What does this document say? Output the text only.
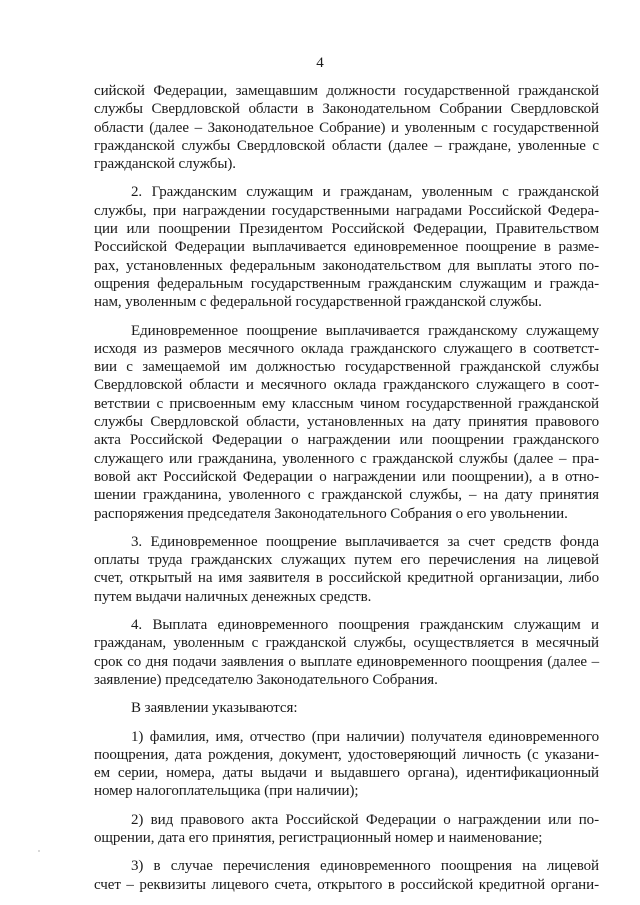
4

сийской Федерации, замещавшим должности государственной гражданской
службы Свердловской области в Законодательном Собрании Свердловской
области (далее – Законодательное Собрание) и уволенным с государственной
гражданской службы Свердловской области (далее – граждане, уволенные с
гражданской службы).

2. Гражданским служащим и гражданам, уволенным с гражданской
службы, при награждении государственными наградами Российской Федера-
ции или поощрении Президентом Российской Федерации, Правительством
Российской Федерации выплачивается единовременное поощрение в разме-
рах, установленных федеральным законодательством для выплаты этого по-
ощрения федеральным государственным гражданским служащим и гражда-
нам, уволенным с федеральной государственной гражданской службы.

Единовременное поощрение выплачивается гражданскому служащему
исходя из размеров месячного оклада гражданского служащего в соответст-
вии с замещаемой им должностью государственной гражданской службы
Свердловской области и месячного оклада гражданского служащего в соот-
ветствии с присвоенным ему классным чином государственной гражданской
службы Свердловской области, установленных на дату принятия правового
акта Российской Федерации о награждении или поощрении гражданского
служащего или гражданина, уволенного с гражданской службы (далее – пра-
вовой акт Российской Федерации о награждении или поощрении), а в отно-
шении гражданина, уволенного с гражданской службы, – на дату принятия
распоряжения председателя Законодательного Собрания о его увольнении.

3. Единовременное поощрение выплачивается за счет средств фонда
оплаты труда гражданских служащих путем его перечисления на лицевой
счет, открытый на имя заявителя в российской кредитной организации, либо
путем выдачи наличных денежных средств.

4. Выплата единовременного поощрения гражданским служащим и
гражданам, уволенным с гражданской службы, осуществляется в месячный
срок со дня подачи заявления о выплате единовременного поощрения (далее –
заявление) председателю Законодательного Собрания.

В заявлении указываются:

1) фамилия, имя, отчество (при наличии) получателя единовременного
поощрения, дата рождения, документ, удостоверяющий личность (с указани-
ем серии, номера, даты выдачи и выдавшего органа), идентификационный
номер налогоплательщика (при наличии);

2) вид правового акта Российской Федерации о награждении или по-
ощрении, дата его принятия, регистрационный номер и наименование;

3) в случае перечисления единовременного поощрения на лицевой
счет – реквизиты лицевого счета, открытого в российской кредитной органи-
